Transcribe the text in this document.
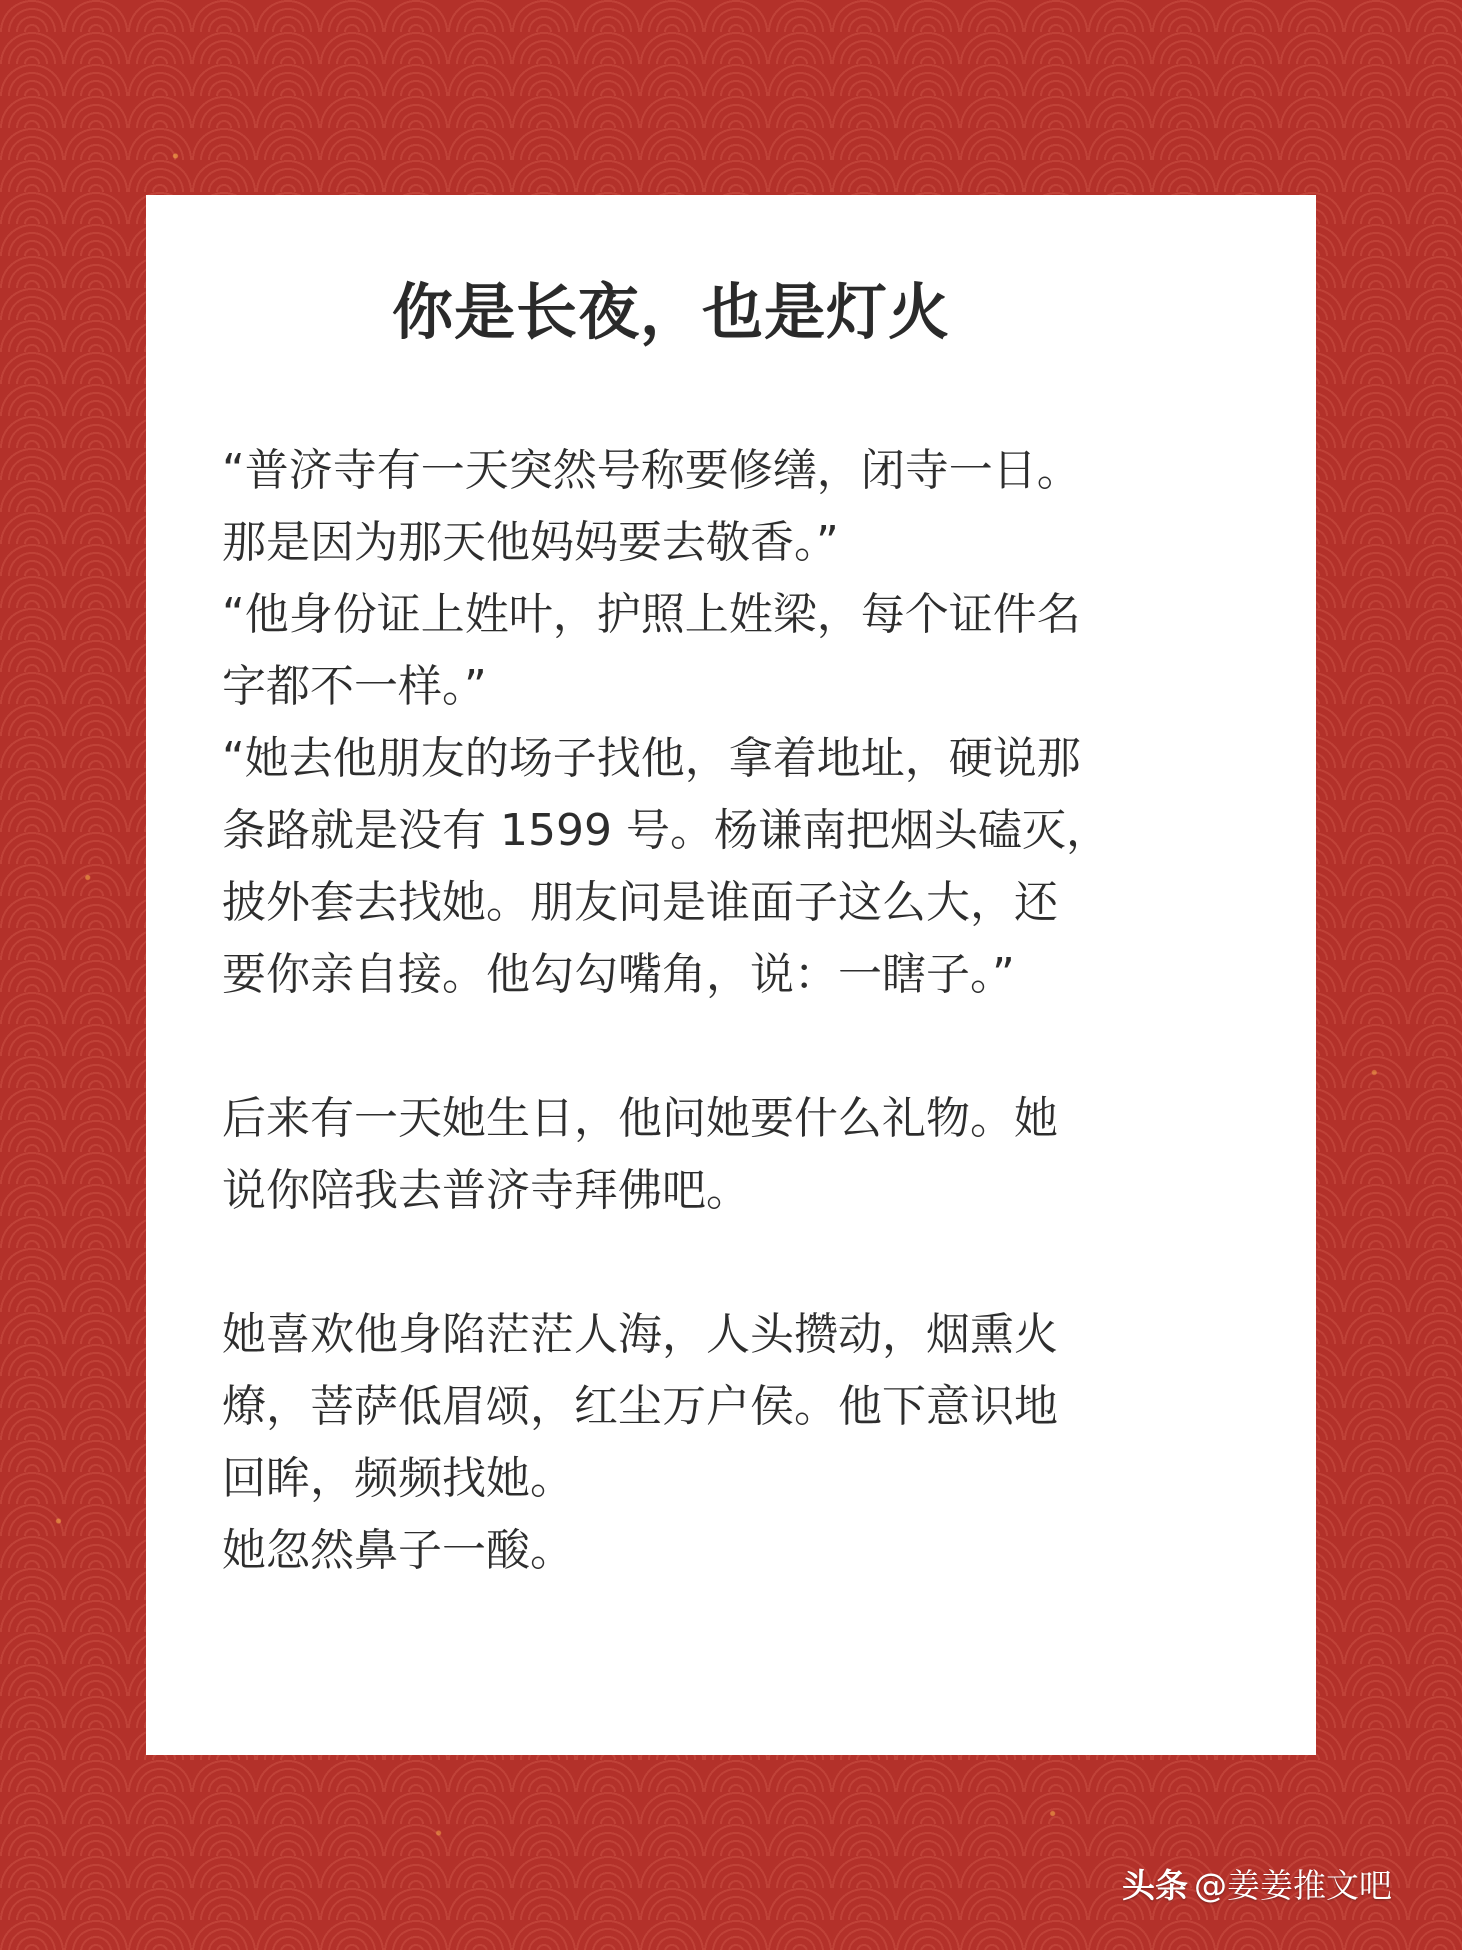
你是长夜，也是灯火
“普济寺有一天突然号称要修缮，闭寺一日。
那是因为那天他妈妈要去敬香。”
“他身份证上姓叶，护照上姓梁，每个证件名
字都不一样。”
“她去他朋友的场子找他，拿着地址，硬说那
条路就是没有 1599 号。杨谦南把烟头磕灭，
披外套去找她。朋友问是谁面子这么大，还
要你亲自接。他勾勾嘴角，说：一瞎子。”
后来有一天她生日，他问她要什么礼物。她
说你陪我去普济寺拜佛吧。
她喜欢他身陷茫茫人海，人头攒动，烟熏火
燎，菩萨低眉颂，红尘万户侯。他下意识地
回眸，频频找她。
她忽然鼻子一酸。
头条 @姜姜推文吧
